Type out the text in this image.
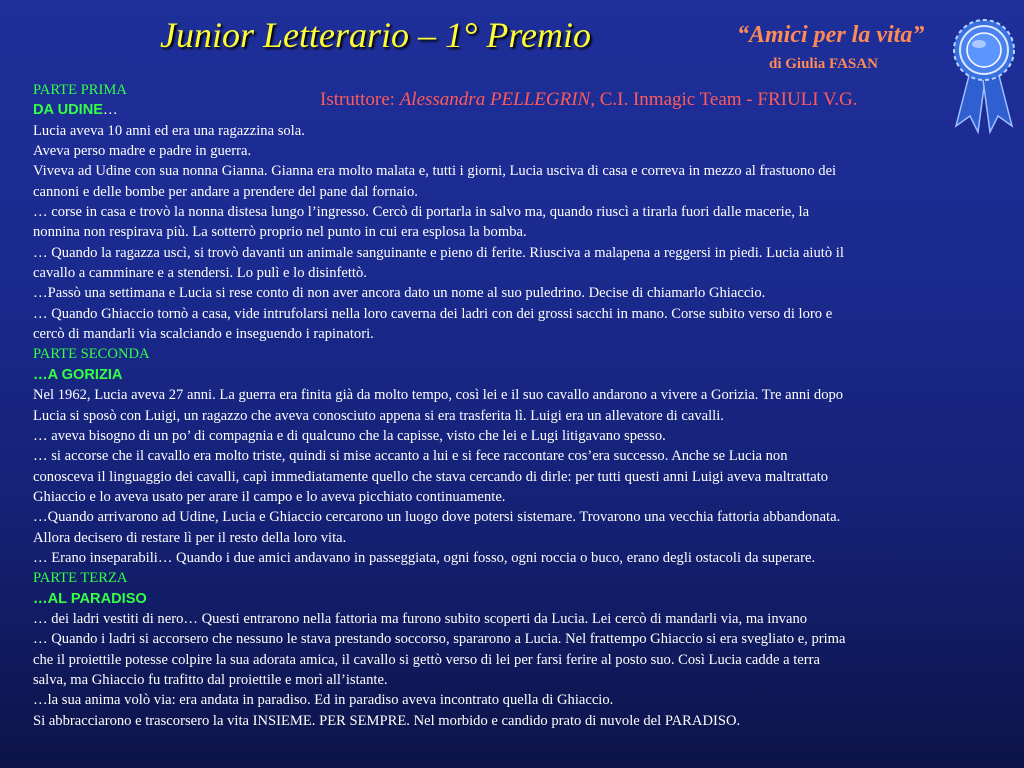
Junior Letterario – 1° Premio	“Amici per la vita”
di Giulia FASAN
Istruttore: Alessandra PELLEGRIN, C.I. Inmagic Team - FRIULI V.G.
PARTE PRIMA
DA UDINE…
Lucia aveva 10 anni ed era una ragazzina sola.
Aveva perso madre e padre in guerra.
Viveva ad Udine con sua nonna Gianna. Gianna era molto malata e, tutti i giorni, Lucia usciva di casa e correva in mezzo al frastuono dei
cannoni e delle bombe per andare a prendere del pane dal fornaio.
… corse in casa e trovò la nonna distesa lungo l’ingresso. Cercò di portarla in salvo ma, quando riuscì a tirarla fuori dalle macerie, la
nonnina non respirava più. La sotterrò proprio nel punto in cui era esplosa la bomba.
… Quando la ragazza uscì, si trovò davanti un animale sanguinante e pieno di ferite. Riusciva a malapena a reggersi in piedi. Lucia aiutò il
cavallo a camminare e a stendersi. Lo pulì e lo disinfettò.
…Passò una settimana e Lucia si rese conto di non aver ancora dato un nome al suo puledrino. Decise di chiamarlo Ghiaccio.
… Quando Ghiaccio tornò a casa, vide intrufolarsi nella loro caverna dei ladri con dei grossi sacchi in mano. Corse subito verso di loro e
cercò di mandarli via scalciando e inseguendo i rapinatori.
PARTE SECONDA
…A GORIZIA
Nel 1962, Lucia aveva 27 anni. La guerra era finita già da molto tempo, così lei e il suo cavallo andarono a vivere a Gorizia. Tre anni dopo
Lucia si sposò con Luigi, un ragazzo che aveva conosciuto appena si era trasferita lì. Luigi era un allevatore di cavalli.
… aveva bisogno di un po’ di compagnia e di qualcuno che la capisse, visto che lei e Lugi litigavano spesso.
… si accorse che il cavallo era molto triste, quindi si mise accanto a lui e si fece raccontare cos’era successo. Anche se Lucia non
conosceva il linguaggio dei cavalli, capì immediatamente quello che stava cercando di dirle: per tutti questi anni Luigi aveva maltrattato
Ghiaccio e lo aveva usato per arare il campo e lo aveva picchiato continuamente.
…Quando arrivarono ad Udine, Lucia e Ghiaccio cercarono un luogo dove potersi sistemare. Trovarono una vecchia fattoria abbandonata.
Allora decisero di restare lì per il resto della loro vita.
… Erano inseparabili… Quando i due amici andavano in passeggiata, ogni fosso, ogni roccia o buco, erano degli ostacoli da superare.
PARTE TERZA
…AL PARADISO
… dei ladri vestiti di nero… Questi entrarono nella fattoria ma furono subito scoperti da Lucia. Lei cercò di mandarli via, ma invano
… Quando i ladri si accorsero che nessuno le stava prestando soccorso, spararono a Lucia. Nel frattempo Ghiaccio si era svegliato e, prima
che il proiettile potesse colpire la sua adorata amica, il cavallo si gettò verso di lei per farsi ferire al posto suo. Così Lucia cadde a terra
salva, ma Ghiaccio fu trafitto dal proiettile e morì all’istante.
…la sua anima volò via: era andata in paradiso. Ed in paradiso aveva incontrato quella di Ghiaccio.
Si abbracciarono e trascorsero la vita INSIEME. PER SEMPRE. Nel morbido e candido prato di nuvole del PARADISO.
